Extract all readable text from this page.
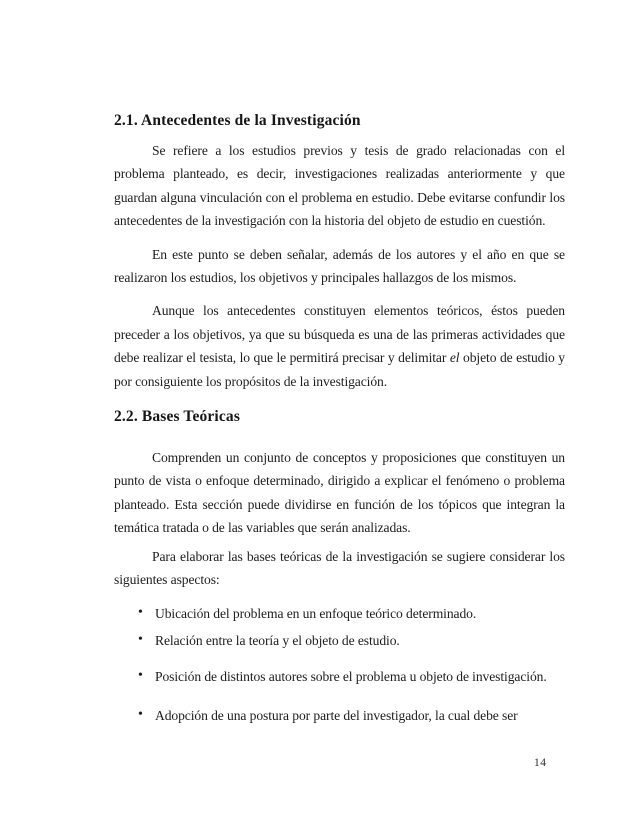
2.1. Antecedentes de la Investigación

Se refiere a los estudios previos y tesis de grado relacionadas con el problema planteado, es decir, investigaciones realizadas anteriormente y que guardan alguna vinculación con el problema en estudio. Debe evitarse confundir los antecedentes de la investigación con la historia del objeto de estudio en cuestión.

En este punto se deben señalar, además de los autores y el año en que se realizaron los estudios, los objetivos y principales hallazgos de los mismos.

Aunque los antecedentes constituyen elementos teóricos, éstos pueden preceder a los objetivos, ya que su búsqueda es una de las primeras actividades que debe realizar el tesista, lo que le permitirá precisar y delimitar el objeto de estudio y por consiguiente los propósitos de la investigación.

2.2. Bases Teóricas

Comprenden un conjunto de conceptos y proposiciones que constituyen un punto de vista o enfoque determinado, dirigido a explicar el fenómeno o problema planteado. Esta sección puede dividirse en función de los tópicos que integran la temática tratada o de las variables que serán analizadas.

Para elaborar las bases teóricas de la investigación se sugiere considerar los siguientes aspectos:

• Ubicación del problema en un enfoque teórico determinado.
• Relación entre la teoría y el objeto de estudio.
• Posición de distintos autores sobre el problema u objeto de investigación.
• Adopción de una postura por parte del investigador, la cual debe ser
14
